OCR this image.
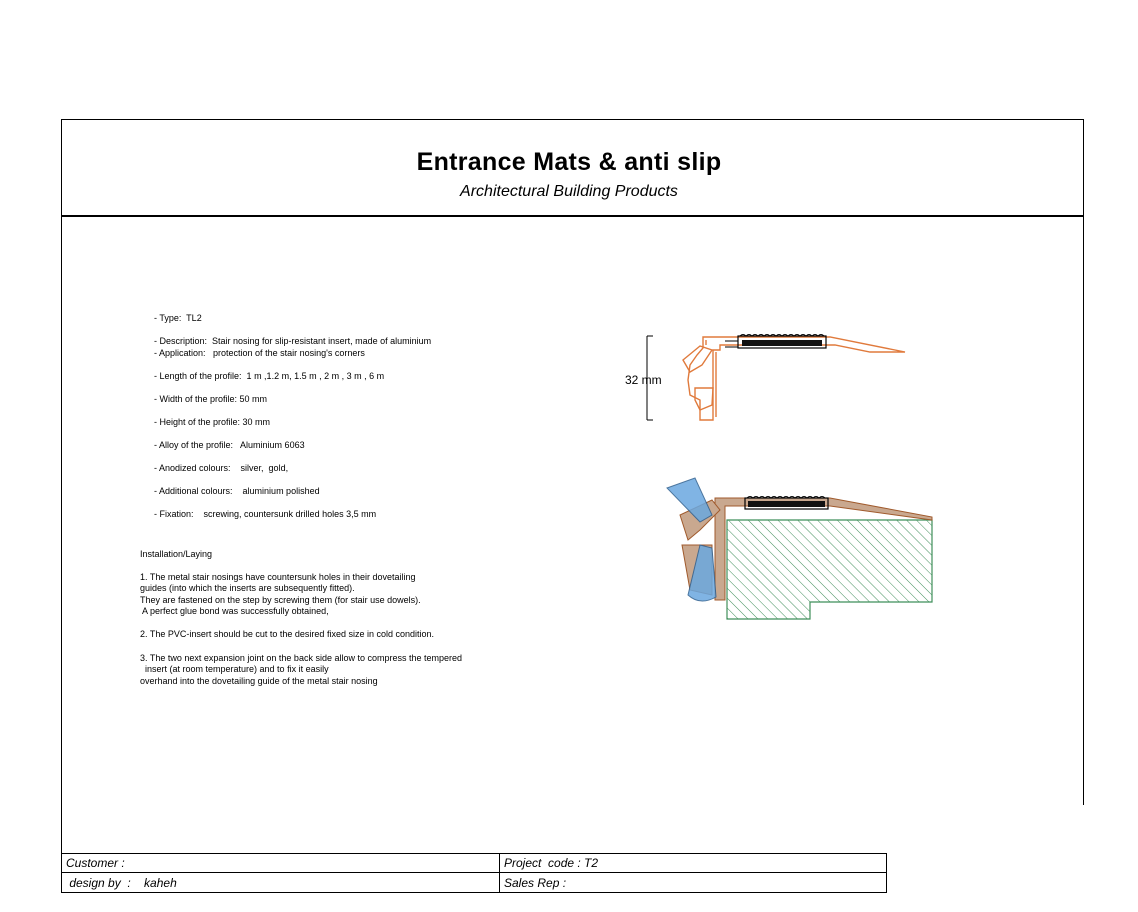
Entrance Mats & anti slip
Architectural Building Products
- Type:  TL2
- Description:  Stair nosing for slip-resistant insert, made of aluminium
- Application:   protection of the stair nosing's corners
- Length of the profile:  1 m ,1.2 m, 1.5 m , 2 m , 3 m , 6 m
- Width of the profile: 50 mm
- Height of the profile: 30 mm
- Alloy of the profile:   Aluminium 6063
- Anodized colours:    silver,  gold,
- Additional colours:    aluminium polished
- Fixation:    screwing, countersunk drilled holes 3,5 mm
Installation/Laying
1. The metal stair nosings have countersunk holes in their dovetailing
guides (into which the inserts are subsequently fitted).
They are fastened on the step by screwing them (for stair use dowels).
A perfect glue bond was successfully obtained,
2. The PVC-insert should be cut to the desired fixed size in cold condition.
3. The two next expansion joint on the back side allow to compress the tempered
insert (at room temperature) and to fix it easily
overhand into the dovetailing guide of the metal stair nosing
32 mm
Customer :	Project  code : T2
design by  :    kaheh	Sales Rep :
